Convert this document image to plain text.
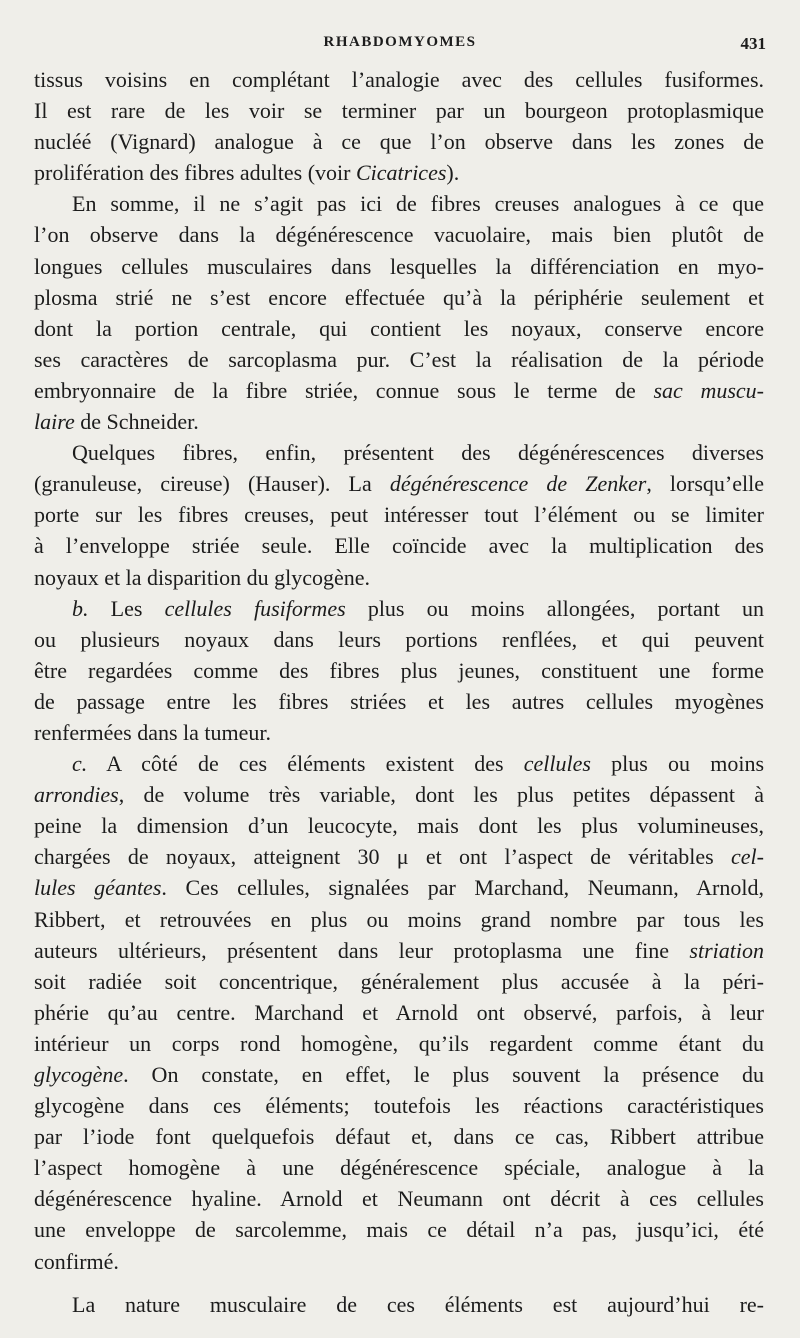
RHABDOMYOMES	431
tissus voisins en complétant l’analogie avec des cellules fusiformes.
Il est rare de les voir se terminer par un bourgeon protoplasmique
nucléé (Vignard) analogue à ce que l’on observe dans les zones de
prolifération des fibres adultes (voir Cicatrices).
En somme, il ne s’agit pas ici de fibres creuses analogues à ce que
l’on observe dans la dégénérescence vacuolaire, mais bien plutôt de
longues cellules musculaires dans lesquelles la différenciation en myo-
plosma strié ne s’est encore effectuée qu’à la périphérie seulement et
dont la portion centrale, qui contient les noyaux, conserve encore
ses caractères de sarcoplasma pur. C’est la réalisation de la période
embryonnaire de la fibre striée, connue sous le terme de sac muscu-
laire de Schneider.
Quelques fibres, enfin, présentent des dégénérescences diverses
(granuleuse, cireuse) (Hauser). La dégénérescence de Zenker, lorsqu’elle
porte sur les fibres creuses, peut intéresser tout l’élément ou se limiter
à l’enveloppe striée seule. Elle coïncide avec la multiplication des
noyaux et la disparition du glycogène.
b. Les cellules fusiformes plus ou moins allongées, portant un
ou plusieurs noyaux dans leurs portions renflées, et qui peuvent
être regardées comme des fibres plus jeunes, constituent une forme
de passage entre les fibres striées et les autres cellules myogènes
renfermées dans la tumeur.
c. A côté de ces éléments existent des cellules plus ou moins
arrondies, de volume très variable, dont les plus petites dépassent à
peine la dimension d’un leucocyte, mais dont les plus volumineuses,
chargées de noyaux, atteignent 30 μ et ont l’aspect de véritables cel-
lules géantes. Ces cellules, signalées par Marchand, Neumann, Arnold,
Ribbert, et retrouvées en plus ou moins grand nombre par tous les
auteurs ultérieurs, présentent dans leur protoplasma une fine striation
soit radiée soit concentrique, généralement plus accusée à la péri-
phérie qu’au centre. Marchand et Arnold ont observé, parfois, à leur
intérieur un corps rond homogène, qu’ils regardent comme étant du
glycogène. On constate, en effet, le plus souvent la présence du
glycogène dans ces éléments; toutefois les réactions caractéristiques
par l’iode font quelquefois défaut et, dans ce cas, Ribbert attribue
l’aspect homogène à une dégénérescence spéciale, analogue à la
dégénérescence hyaline. Arnold et Neumann ont décrit à ces cellules
une enveloppe de sarcolemme, mais ce détail n’a pas, jusqu’ici, été
confirmé.
La nature musculaire de ces éléments est aujourd’hui re-
